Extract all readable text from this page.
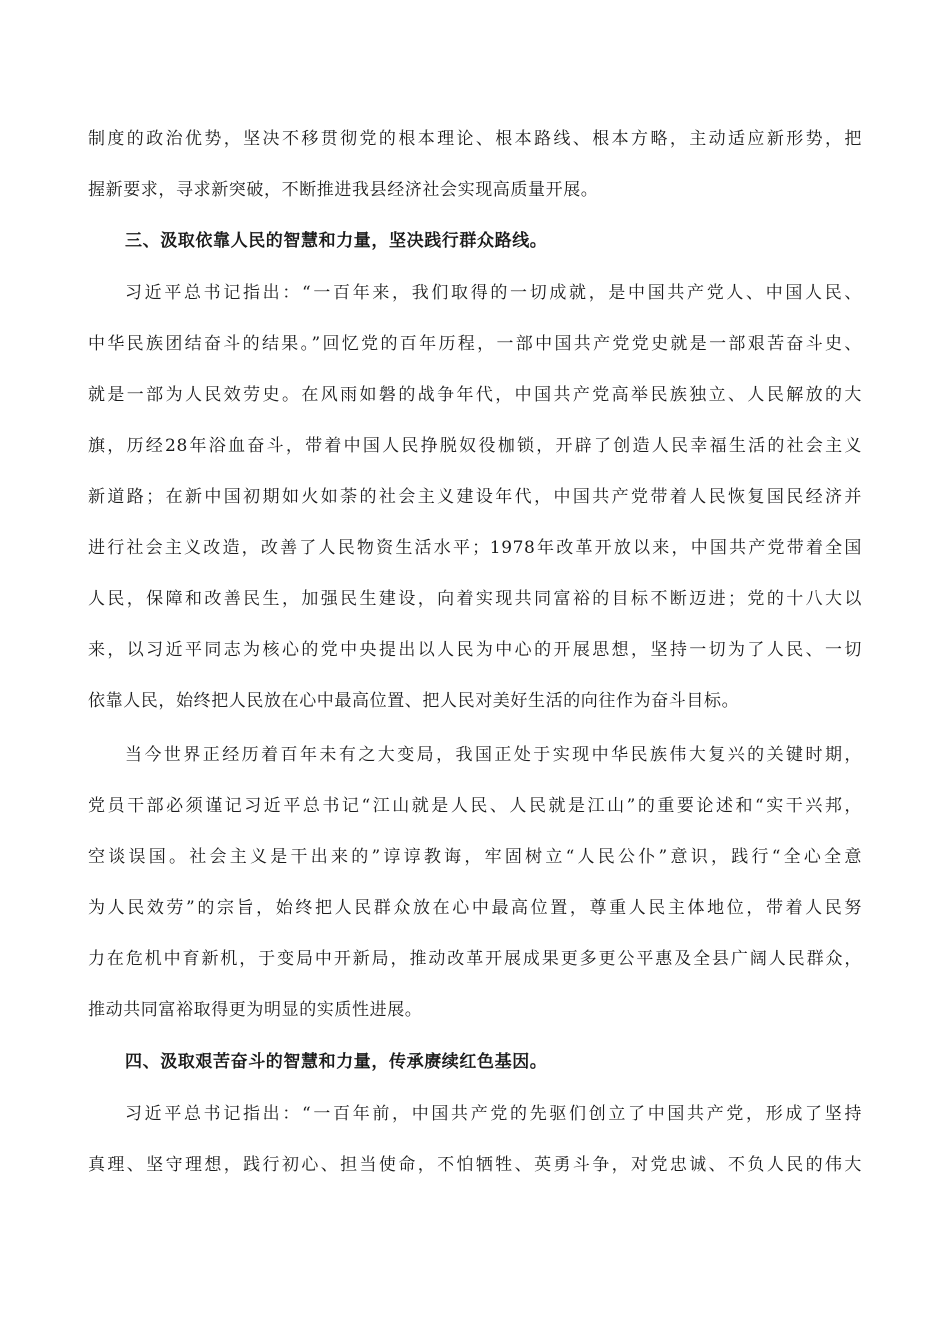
制度的政治优势，坚决不移贯彻党的根本理论、根本路线、根本方略，主动适应新形势，把
握新要求，寻求新突破，不断推进我县经济社会实现高质量开展。
三、汲取依靠人民的智慧和力量，坚决践行群众路线。
习近平总书记指出：“一百年来，我们取得的一切成就，是中国共产党人、中国人民、
中华民族团结奋斗的结果。”回忆党的百年历程，一部中国共产党党史就是一部艰苦奋斗史、
就是一部为人民效劳史。在风雨如磐的战争年代，中国共产党高举民族独立、人民解放的大
旗，历经28年浴血奋斗，带着中国人民挣脱奴役枷锁，开辟了创造人民幸福生活的社会主义
新道路；在新中国初期如火如荼的社会主义建设年代，中国共产党带着人民恢复国民经济并
进行社会主义改造，改善了人民物资生活水平；1978年改革开放以来，中国共产党带着全国
人民，保障和改善民生，加强民生建设，向着实现共同富裕的目标不断迈进；党的十八大以
来，以习近平同志为核心的党中央提出以人民为中心的开展思想，坚持一切为了人民、一切
依靠人民，始终把人民放在心中最高位置、把人民对美好生活的向往作为奋斗目标。
当今世界正经历着百年未有之大变局，我国正处于实现中华民族伟大复兴的关键时期，
党员干部必须谨记习近平总书记“江山就是人民、人民就是江山”的重要论述和“实干兴邦，
空谈误国。社会主义是干出来的”谆谆教诲，牢固树立“人民公仆”意识，践行“全心全意
为人民效劳”的宗旨，始终把人民群众放在心中最高位置，尊重人民主体地位，带着人民努
力在危机中育新机，于变局中开新局，推动改革开展成果更多更公平惠及全县广阔人民群众，
推动共同富裕取得更为明显的实质性进展。
四、汲取艰苦奋斗的智慧和力量，传承赓续红色基因。
习近平总书记指出：“一百年前，中国共产党的先驱们创立了中国共产党，形成了坚持
真理、坚守理想，践行初心、担当使命，不怕牺牲、英勇斗争，对党忠诚、不负人民的伟大
